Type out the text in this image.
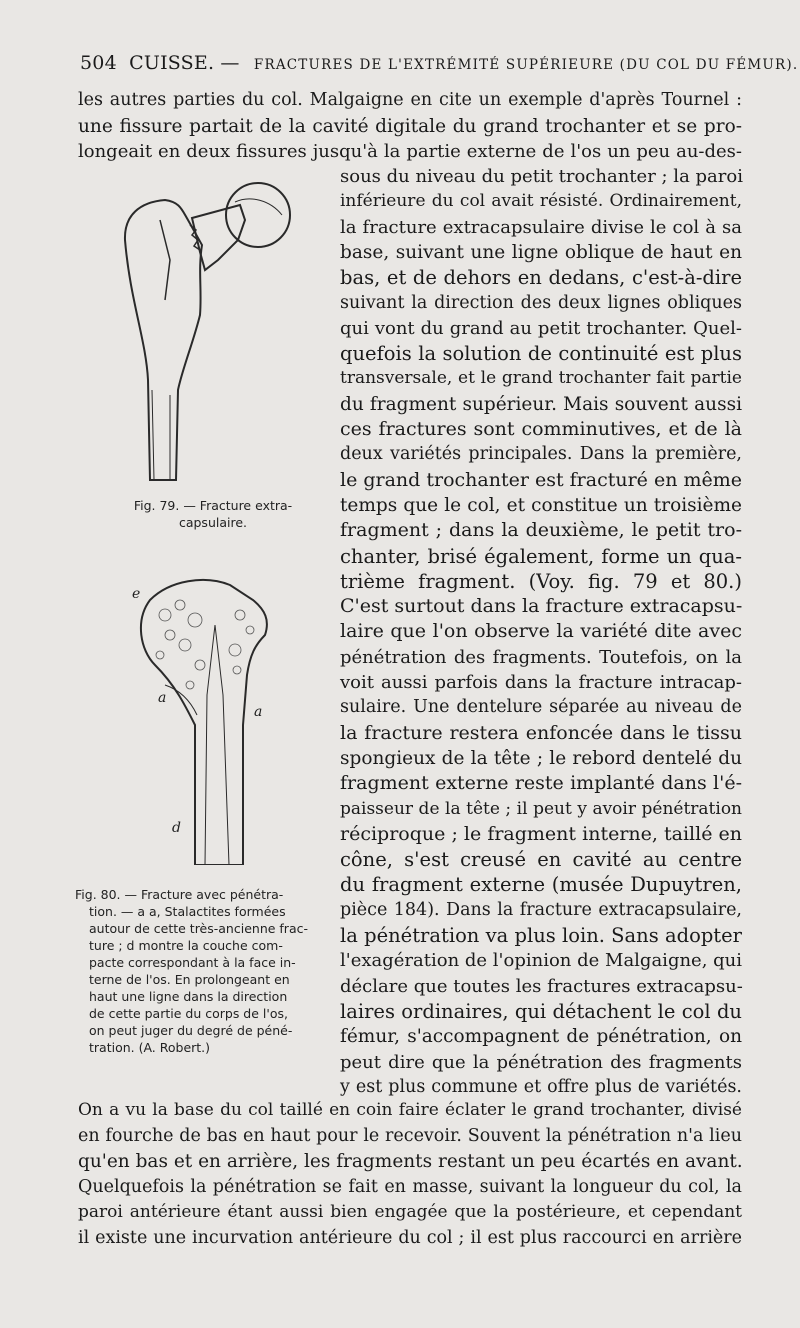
504 CUISSE. — FRACTURES DE L'EXTRÉMITÉ SUPÉRIEURE (DU COL DU FÉMUR).
les autres parties du col. Malgaigne en cite un exemple d'après Tournel :
une fissure partait de la cavité digitale du grand trochanter et se pro-
longeait en deux fissures jusqu'à la partie externe de l'os un peu au-des-
sous du niveau du petit trochanter ; la paroi
inférieure du col avait résisté. Ordinairement,
la fracture extracapsulaire divise le col à sa
base, suivant une ligne oblique de haut en
bas, et de dehors en dedans, c'est-à-dire
suivant la direction des deux lignes obliques
qui vont du grand au petit trochanter. Quel-
quefois la solution de continuité est plus
transversale, et le grand trochanter fait partie
du fragment supérieur. Mais souvent aussi
ces fractures sont comminutives, et de là
deux variétés principales. Dans la première,
le grand trochanter est fracturé en même
temps que le col, et constitue un troisième
fragment ; dans la deuxième, le petit tro-
chanter, brisé également, forme un qua-
trième fragment. (Voy. fig. 79 et 80.)
C'est surtout dans la fracture extracapsu-
laire que l'on observe la variété dite avec
pénétration des fragments. Toutefois, on la
voit aussi parfois dans la fracture intracap-
sulaire. Une dentelure séparée au niveau de
la fracture restera enfoncée dans le tissu
spongieux de la tête ; le rebord dentelé du
fragment externe reste implanté dans l'é-
paisseur de la tête ; il peut y avoir pénétration
réciproque ; le fragment interne, taillé en
cône, s'est creusé en cavité au centre
du fragment externe (musée Dupuytren,
pièce 184). Dans la fracture extracapsulaire,
la pénétration va plus loin. Sans adopter
l'exagération de l'opinion de Malgaigne, qui
déclare que toutes les fractures extracapsu-
laires ordinaires, qui détachent le col du
fémur, s'accompagnent de pénétration, on
peut dire que la pénétration des fragments
y est plus commune et offre plus de variétés.
On a vu la base du col taillé en coin faire éclater le grand trochanter, divisé
en fourche de bas en haut pour le recevoir. Souvent la pénétration n'a lieu
qu'en bas et en arrière, les fragments restant un peu écartés en avant.
Quelquefois la pénétration se fait en masse, suivant la longueur du col, la
paroi antérieure étant aussi bien engagée que la postérieure, et cependant
il existe une incurvation antérieure du col ; il est plus raccourci en arrière
Fig. 79. — Fracture extra-
capsulaire.
e
a
a
d
Fig. 80. — Fracture avec pénétra-
tion. — a a, Stalactites formées
autour de cette très-ancienne frac-
ture ; d montre la couche com-
pacte correspondant à la face in-
terne de l'os. En prolongeant en
haut une ligne dans la direction
de cette partie du corps de l'os,
on peut juger du degré de péné-
tration. (A. Robert.)
